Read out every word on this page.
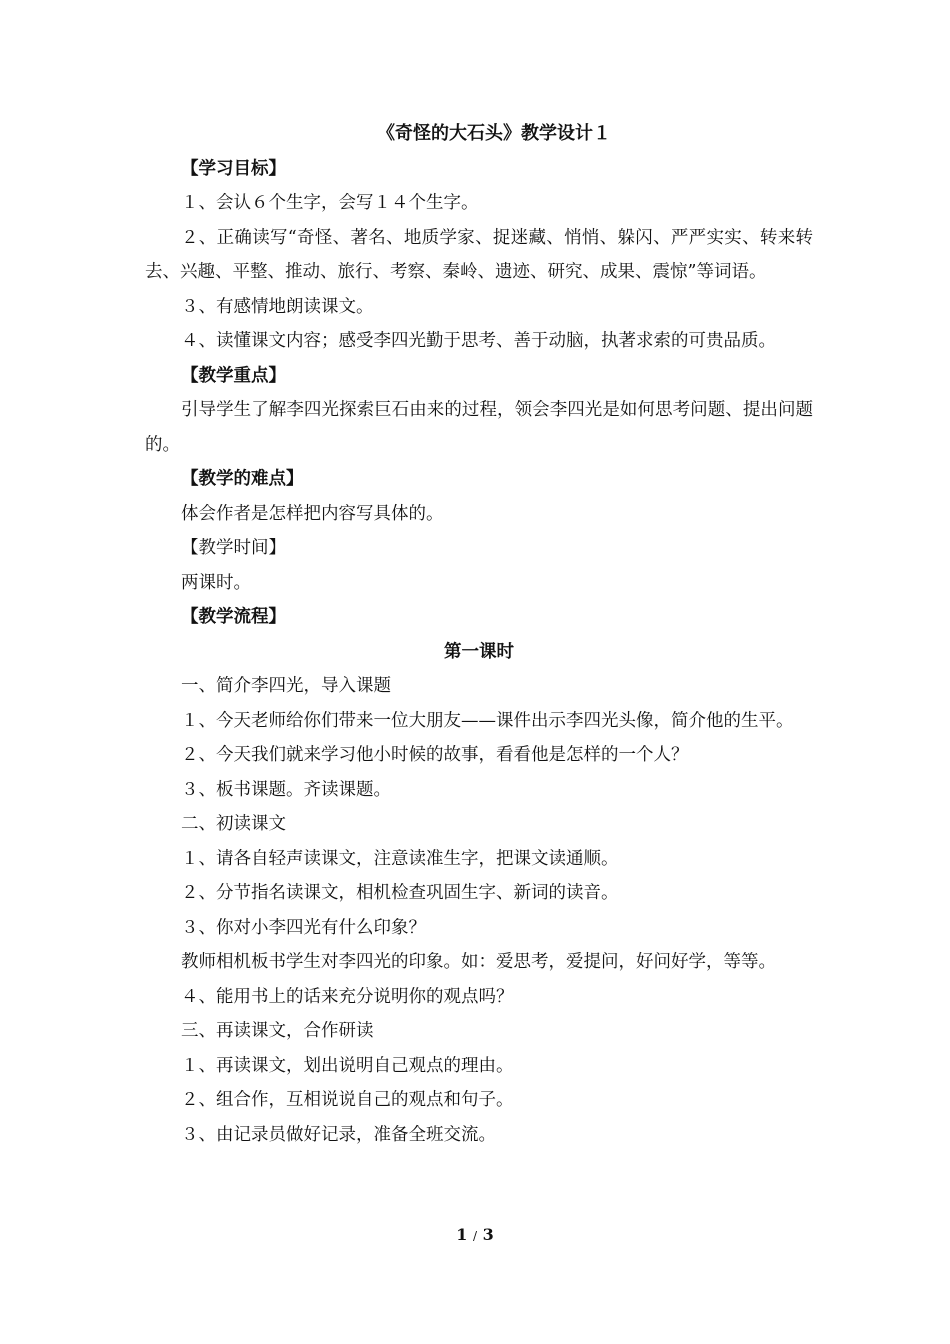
《奇怪的大石头》教学设计１
【学习目标】
１、会认６个生字，会写１４个生字。
２、正确读写“奇怪、著名、地质学家、捉迷藏、悄悄、躲闪、严严实实、转来转去、兴趣、平整、推动、旅行、考察、秦岭、遗迹、研究、成果、震惊”等词语。
３、有感情地朗读课文。
４、读懂课文内容；感受李四光勤于思考、善于动脑，执著求索的可贵品质。
【教学重点】
引导学生了解李四光探索巨石由来的过程，领会李四光是如何思考问题、提出问题的。
【教学的难点】
体会作者是怎样把内容写具体的。
【教学时间】
两课时。
【教学流程】
第一课时
一、简介李四光，导入课题
１、今天老师给你们带来一位大朋友——课件出示李四光头像，简介他的生平。
２、今天我们就来学习他小时候的故事，看看他是怎样的一个人？
３、板书课题。齐读课题。
二、初读课文
１、请各自轻声读课文，注意读准生字，把课文读通顺。
２、分节指名读课文，相机检查巩固生字、新词的读音。
３、你对小李四光有什么印象？
教师相机板书学生对李四光的印象。如：爱思考，爱提问，好问好学，等等。
４、能用书上的话来充分说明你的观点吗？
三、再读课文，合作研读
１、再读课文，划出说明自己观点的理由。
２、组合作，互相说说自己的观点和句子。
３、由记录员做好记录，准备全班交流。
1 / 3
